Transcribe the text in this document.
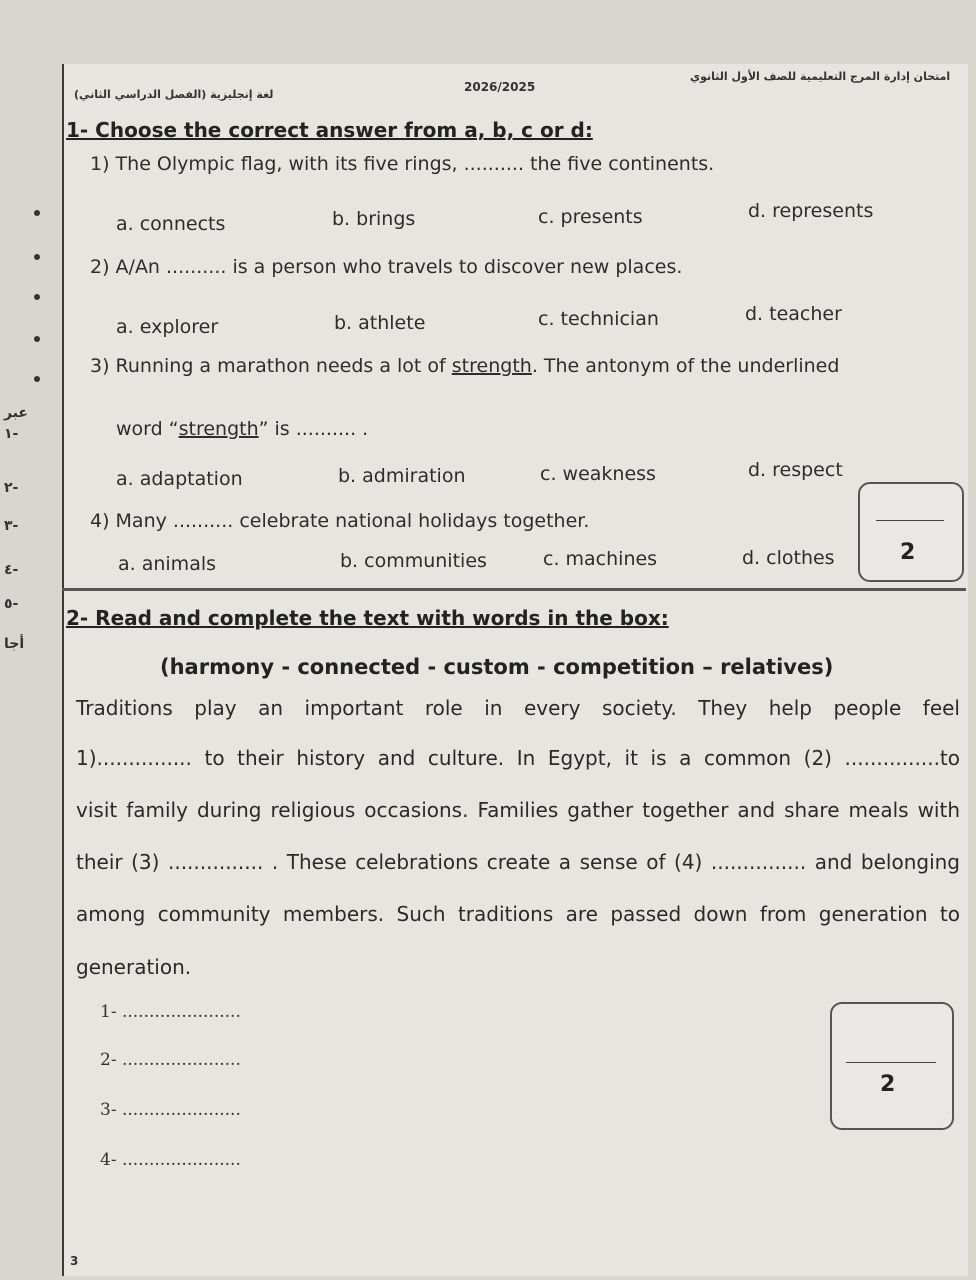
(الفصل الدراسي الثاني) لغة إنجليزية
2026/2025
امتحان إدارة المرج التعليمية للصف الأول الثانوي
1- Choose the correct answer from a, b, c or d:
1) The Olympic flag, with its five rings, .......... the five continents.
a. connects	b. brings	c. presents	d. represents
2) A/An .......... is a person who travels to discover new places.
a. explorer	b. athlete	c. technician	d. teacher
3) Running a marathon needs a lot of strength. The antonym of the underlined
word “strength” is .......... .
a. adaptation	b. admiration	c. weakness	d. respect
4) Many .......... celebrate national holidays together.
a. animals	b. communities	c. machines	d. clothes	2
2- Read and complete the text with words in the box:
(harmony - connected - custom - competition – relatives)
Traditions play an important role in every society. They help people feel
1)............... to their history and culture. In Egypt, it is a common (2) ...............to
visit family during religious occasions. Families gather together and share meals with
their (3) ............... . These celebrations create a sense of (4) ............... and belonging
among community members. Such traditions are passed down from generation to
generation.
1- ......................
2- ......................
3- ......................
4- ......................
2
عبر
١-
٢-
٣-
٤-
٥-
أجا
3
